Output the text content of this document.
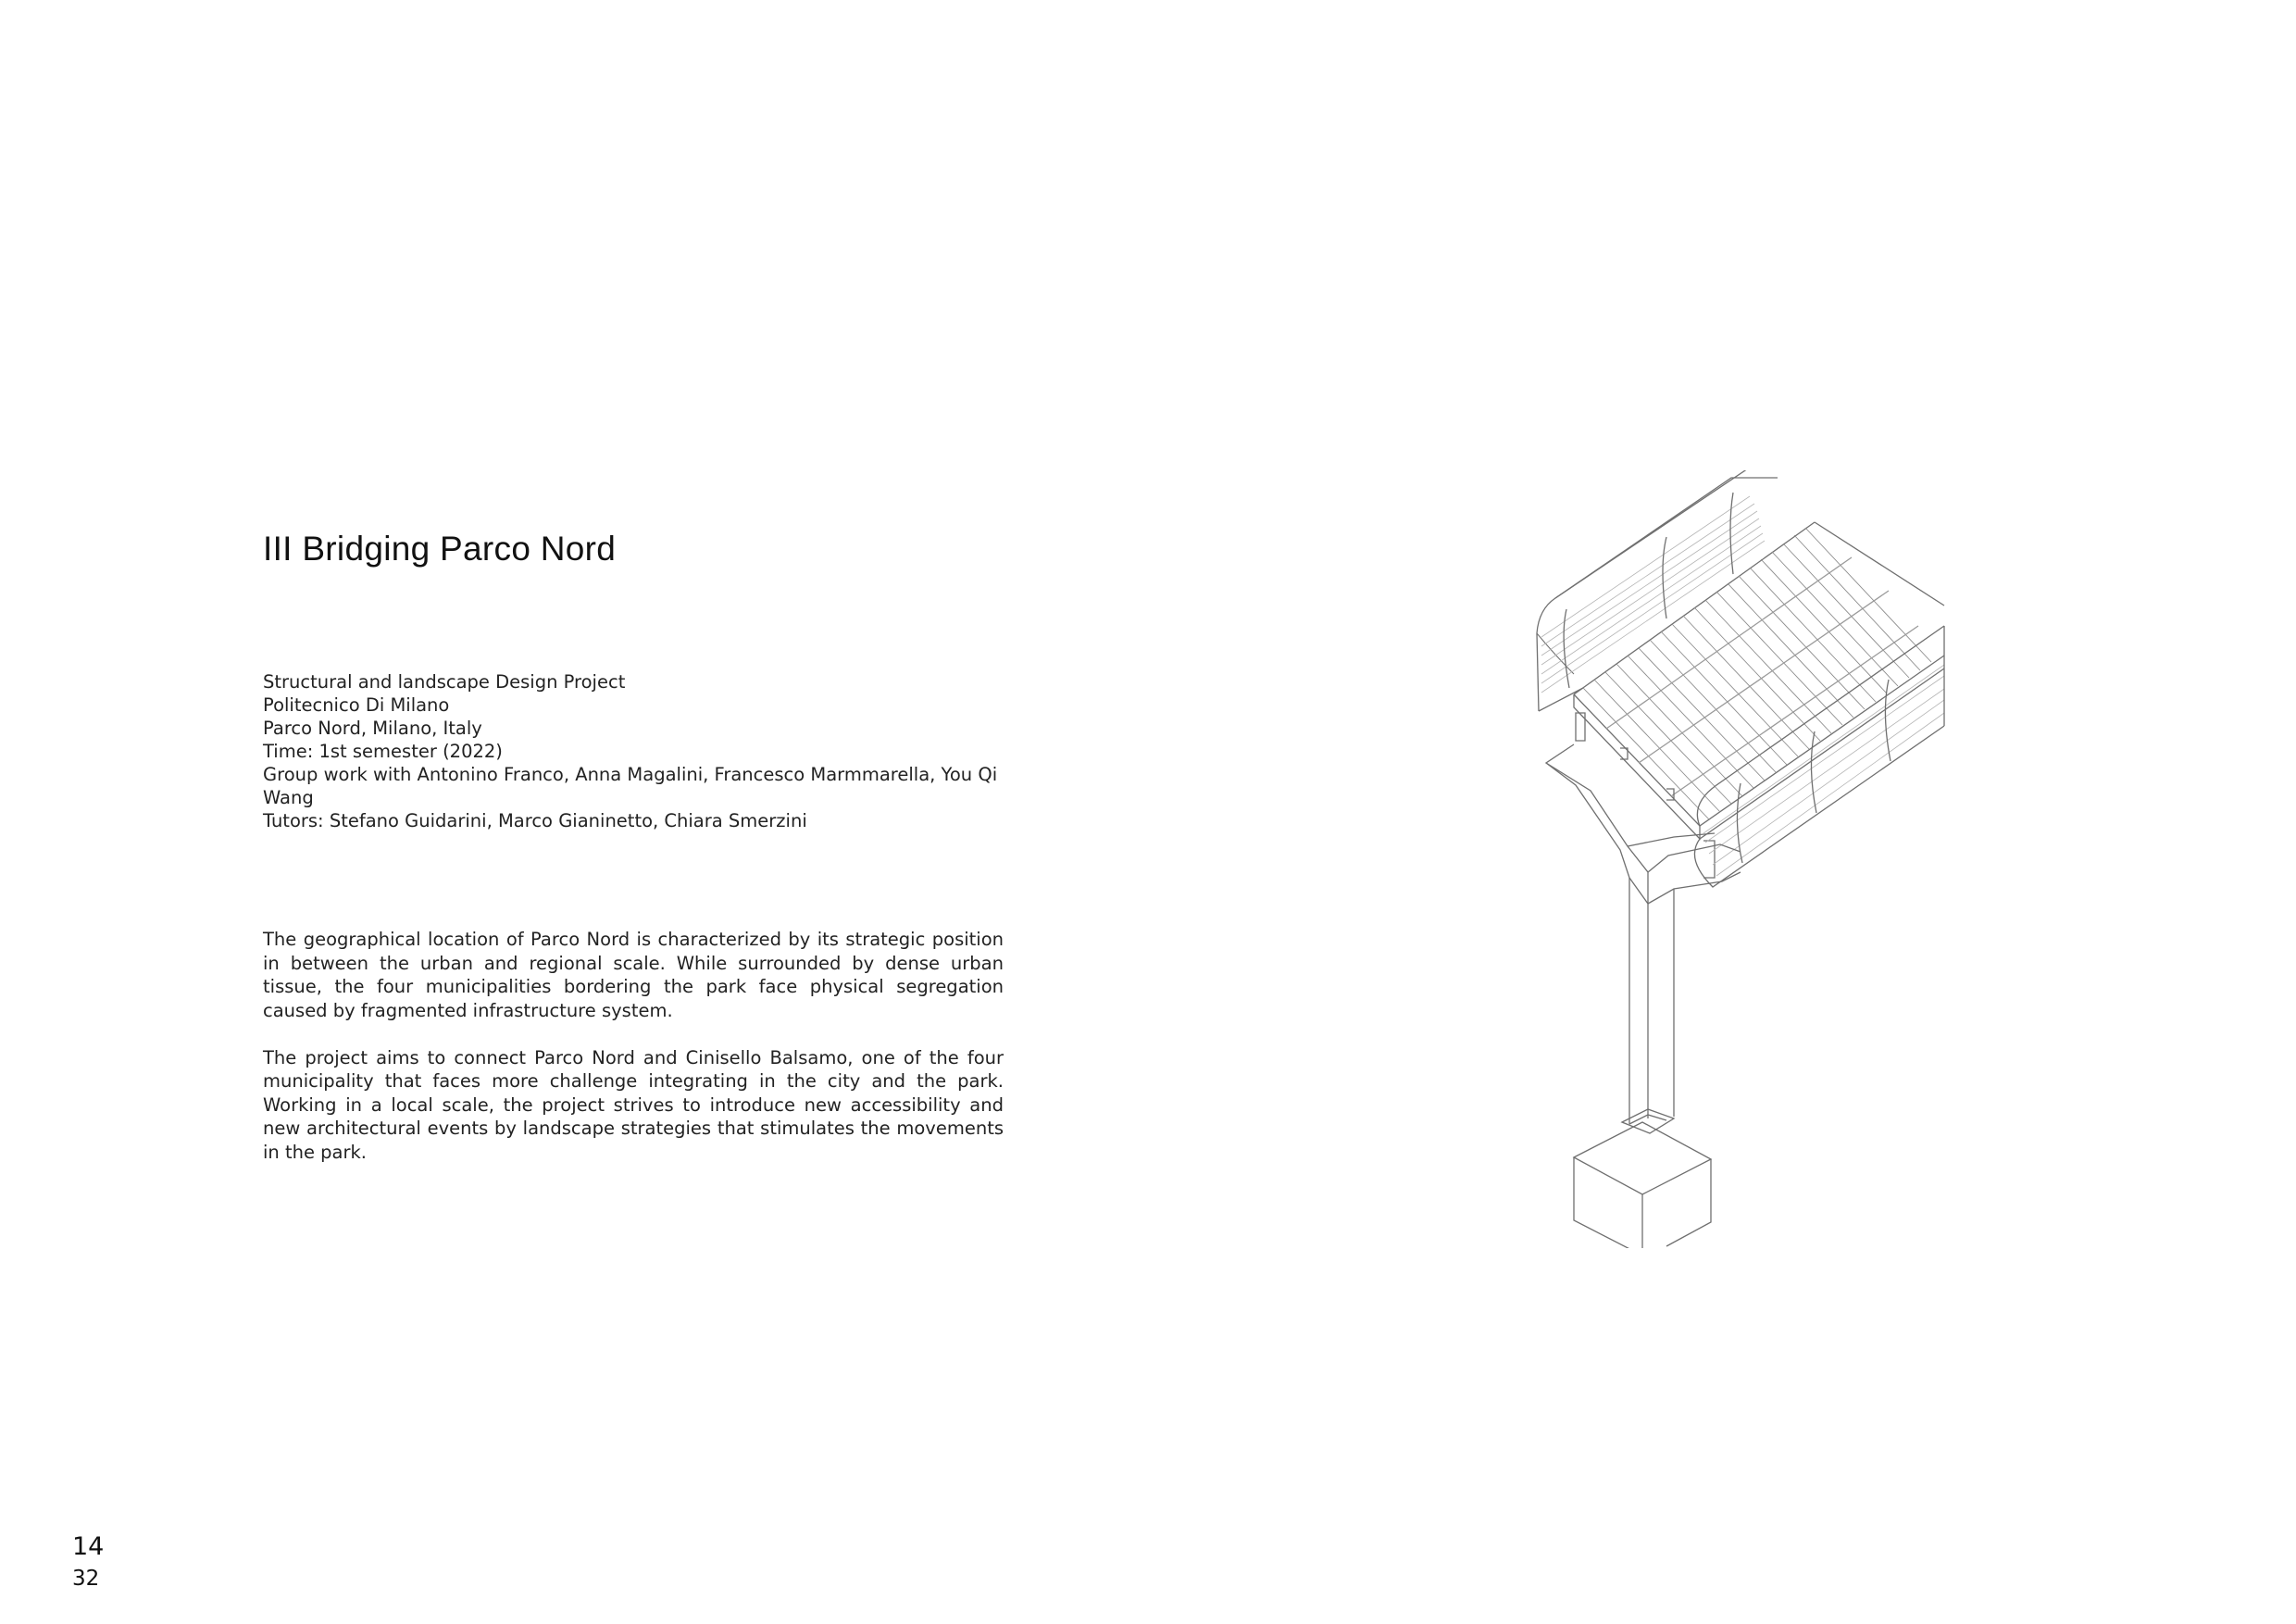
III Bridging Parco Nord
Structural and landscape Design Project
Politecnico Di Milano
Parco Nord, Milano, Italy
Time: 1st semester (2022)
Group work with Antonino Franco, Anna Magalini, Francesco Marmmarella, You Qi Wang
Tutors: Stefano Guidarini, Marco Gianinetto, Chiara Smerzini

The geographical location of Parco Nord is characterized by its strategic position in between the urban and regional scale. While surrounded by dense urban tissue, the four municipalities bordering the park face physical segregation caused by fragmented infrastructure system.

The project aims to connect Parco Nord and Cinisello Balsamo, one of the four municipality that faces more challenge integrating in the city and the park. Working in a local scale, the project strives to introduce new accessibility and new architectural events by landscape strategies that stimulates the movements in the park.

14
32
